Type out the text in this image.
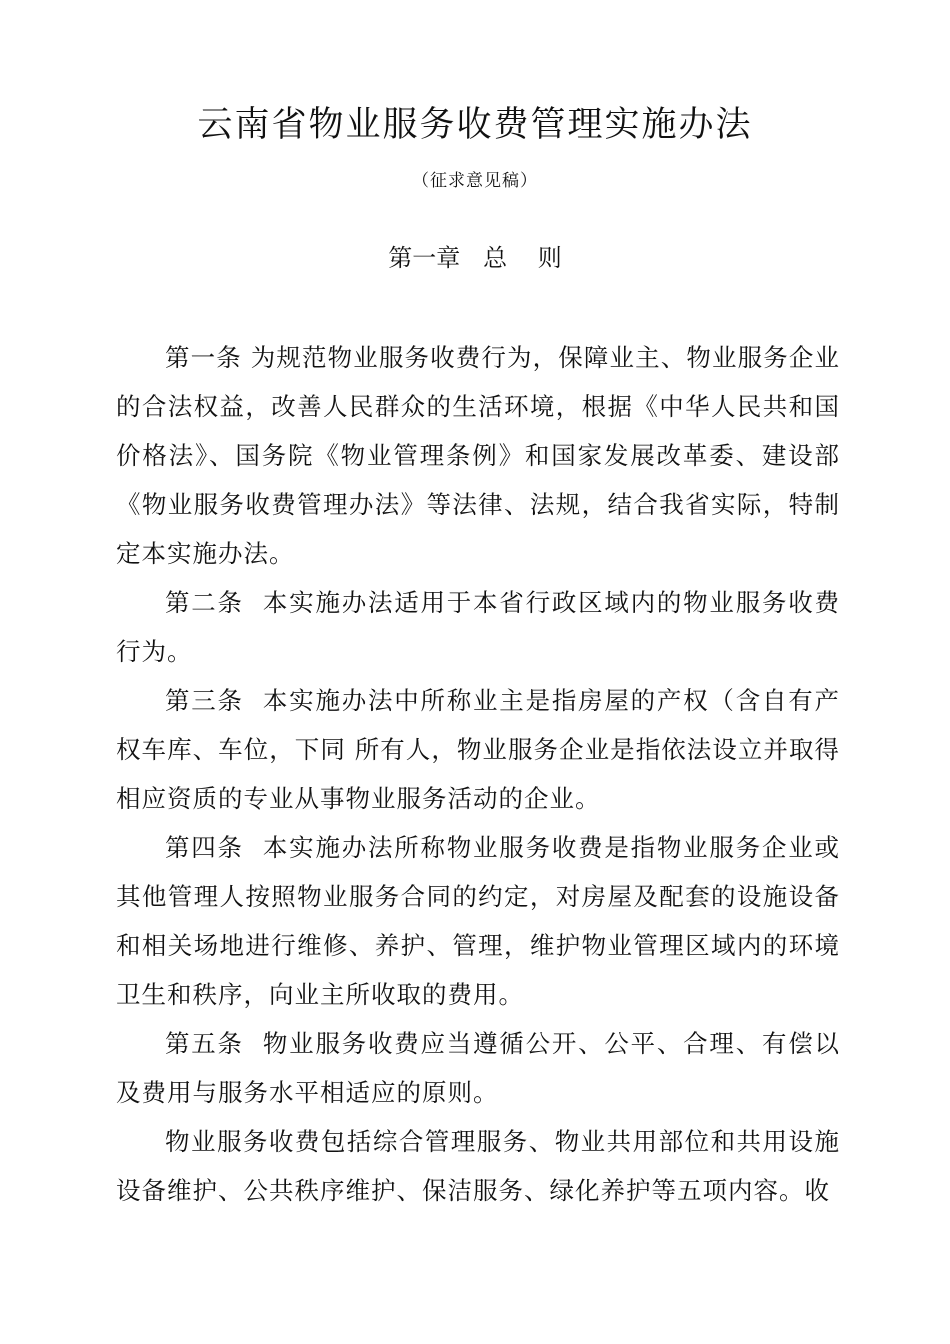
云南省物业服务收费管理实施办法
（征求意见稿）
第一章   总    则

第一条 为规范物业服务收费行为，保障业主、物业服务企业的合法权益，改善人民群众的生活环境，根据《中华人民共和国价格法》、国务院《物业管理条例》和国家发展改革委、建设部《物业服务收费管理办法》等法律、法规，结合我省实际，特制定本实施办法。

第二条  本实施办法适用于本省行政区域内的物业服务收费行为。

第三条  本实施办法中所称业主是指房屋的产权（含自有产权车库、车位，下同 所有人，物业服务企业是指依法设立并取得相应资质的专业从事物业服务活动的企业。

第四条  本实施办法所称物业服务收费是指物业服务企业或其他管理人按照物业服务合同的约定，对房屋及配套的设施设备和相关场地进行维修、养护、管理，维护物业管理区域内的环境卫生和秩序，向业主所收取的费用。

第五条  物业服务收费应当遵循公开、公平、合理、有偿以及费用与服务水平相适应的原则。

物业服务收费包括综合管理服务、物业共用部位和共用设施设备维护、公共秩序维护、保洁服务、绿化养护等五项内容。收
